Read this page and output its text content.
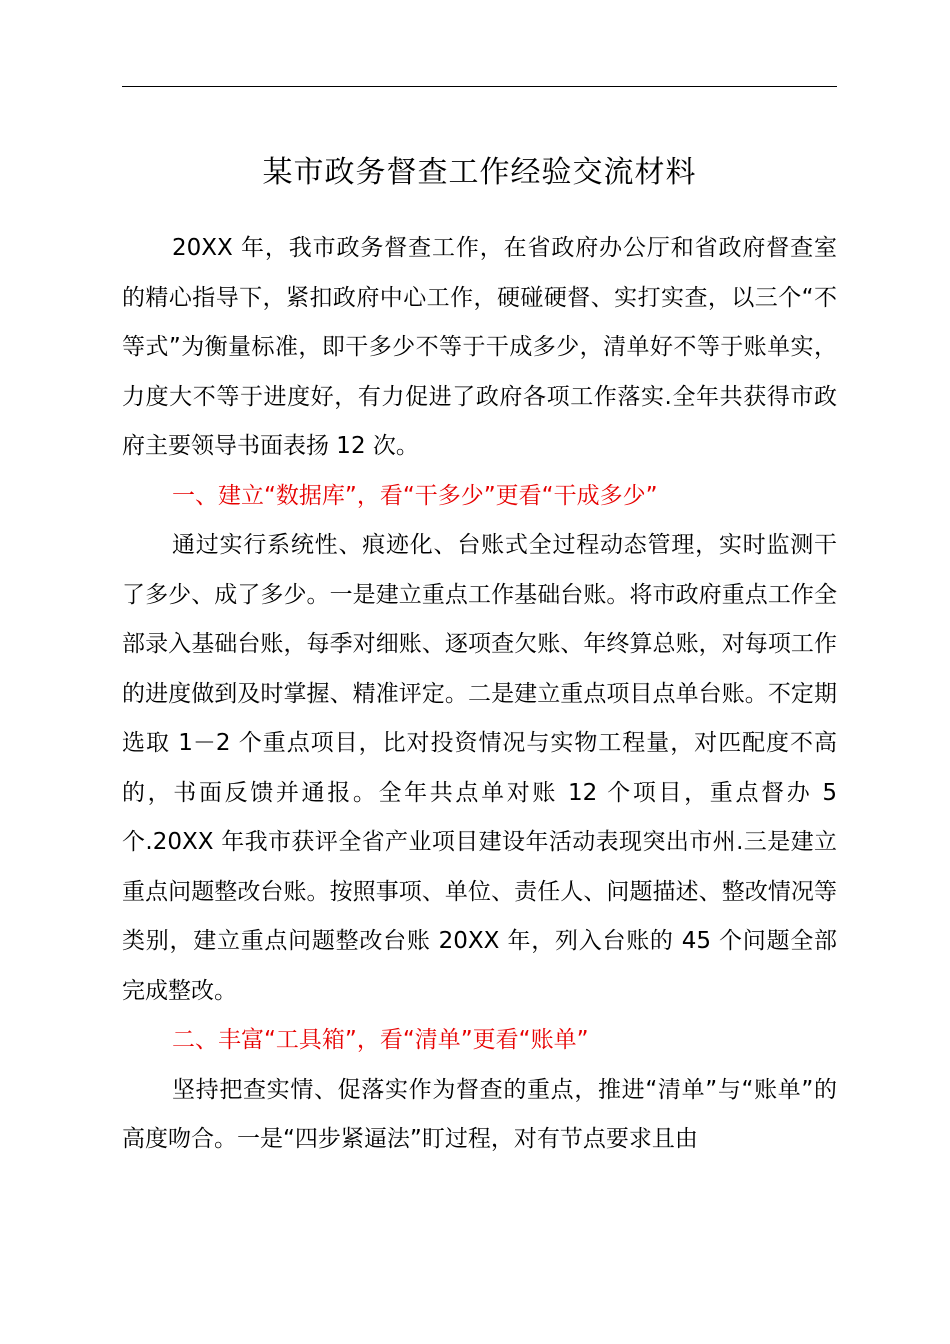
某市政务督查工作经验交流材料

20XX 年，我市政务督查工作，在省政府办公厅和省政府督查室的精心指导下，紧扣政府中心工作，硬碰硬督、实打实查，以三个“不等式”为衡量标准，即干多少不等于干成多少，清单好不等于账单实，力度大不等于进度好，有力促进了政府各项工作落实.全年共获得市政府主要领导书面表扬 12 次。

一、建立“数据库”，看“干多少”更看“干成多少”

通过实行系统性、痕迹化、台账式全过程动态管理，实时监测干了多少、成了多少。一是建立重点工作基础台账。将市政府重点工作全部录入基础台账，每季对细账、逐项查欠账、年终算总账，对每项工作的进度做到及时掌握、精准评定。二是建立重点项目点单台账。不定期选取 1－2 个重点项目，比对投资情况与实物工程量，对匹配度不高的，书面反馈并通报。全年共点单对账 12 个项目，重点督办 5 个.20XX 年我市获评全省产业项目建设年活动表现突出市州.三是建立重点问题整改台账。按照事项、单位、责任人、问题描述、整改情况等类别，建立重点问题整改台账 20XX 年，列入台账的 45 个问题全部完成整改。

二、丰富“工具箱”，看“清单”更看“账单”

坚持把查实情、促落实作为督查的重点，推进“清单”与“账单”的高度吻合。一是“四步紧逼法”盯过程，对有节点要求且由
